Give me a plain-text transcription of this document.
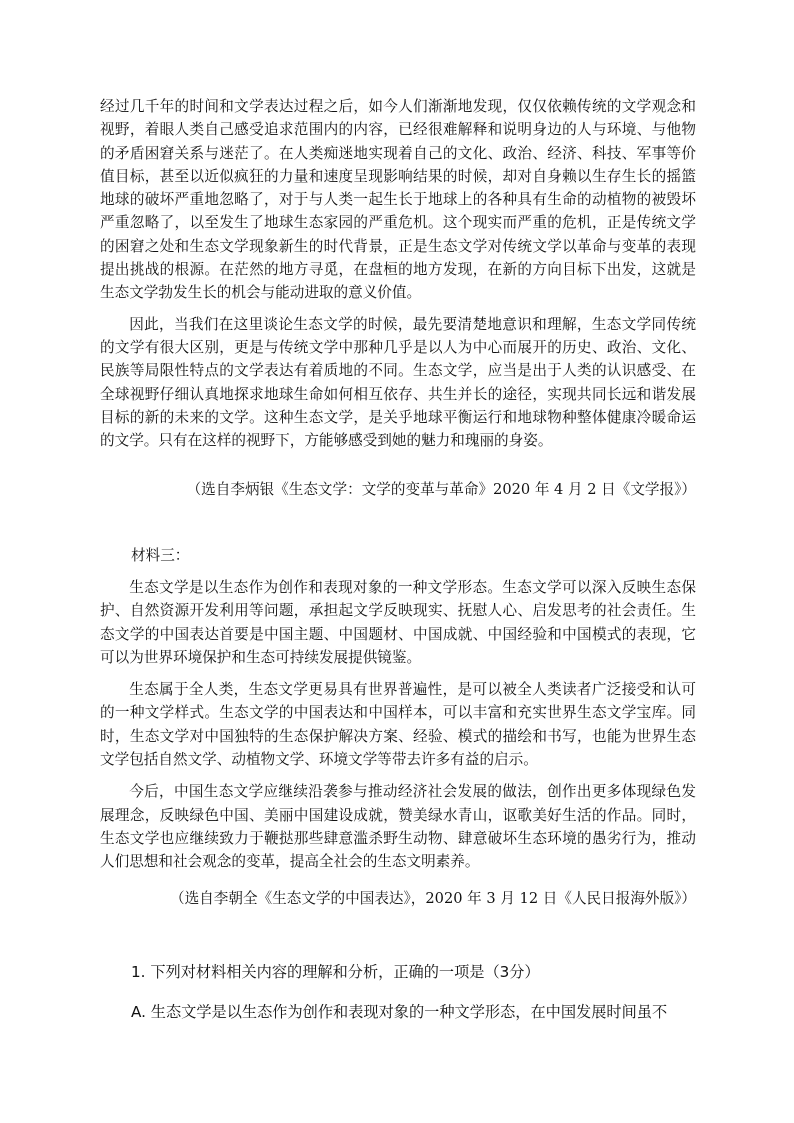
经过几千年的时间和文学表达过程之后，如今人们渐渐地发现，仅仅依赖传统的文学观念和视野，着眼人类自己感受追求范围内的内容，已经很难解释和说明身边的人与环境、与他物的矛盾困窘关系与迷茫了。在人类痴迷地实现着自己的文化、政治、经济、科技、军事等价值目标，甚至以近似疯狂的力量和速度呈现影响结果的时候，却对自身赖以生存生长的摇篮地球的破坏严重地忽略了，对于与人类一起生长于地球上的各种具有生命的动植物的被毁坏严重忽略了，以至发生了地球生态家园的严重危机。这个现实而严重的危机，正是传统文学的困窘之处和生态文学现象新生的时代背景，正是生态文学对传统文学以革命与变革的表现提出挑战的根源。在茫然的地方寻觅，在盘桓的地方发现，在新的方向目标下出发，这就是生态文学勃发生长的机会与能动进取的意义价值。

因此，当我们在这里谈论生态文学的时候，最先要清楚地意识和理解，生态文学同传统的文学有很大区别，更是与传统文学中那种几乎是以人为中心而展开的历史、政治、文化、民族等局限性特点的文学表达有着质地的不同。生态文学，应当是出于人类的认识感受、在全球视野仔细认真地探求地球生命如何相互依存、共生并长的途径，实现共同长远和谐发展目标的新的未来的文学。这种生态文学，是关乎地球平衡运行和地球物种整体健康冷暖命运的文学。只有在这样的视野下，方能够感受到她的魅力和瑰丽的身姿。

（选自李炳银《生态文学：文学的变革与革命》2020 年 4 月 2 日《文学报》）

材料三：

生态文学是以生态作为创作和表现对象的一种文学形态。生态文学可以深入反映生态保护、自然资源开发利用等问题，承担起文学反映现实、抚慰人心、启发思考的社会责任。生态文学的中国表达首要是中国主题、中国题材、中国成就、中国经验和中国模式的表现，它可以为世界环境保护和生态可持续发展提供镜鉴。

生态属于全人类，生态文学更易具有世界普遍性，是可以被全人类读者广泛接受和认可的一种文学样式。生态文学的中国表达和中国样本，可以丰富和充实世界生态文学宝库。同时，生态文学对中国独特的生态保护解决方案、经验、模式的描绘和书写，也能为世界生态文学包括自然文学、动植物文学、环境文学等带去许多有益的启示。

今后，中国生态文学应继续沿袭参与推动经济社会发展的做法，创作出更多体现绿色发展理念，反映绿色中国、美丽中国建设成就，赞美绿水青山，讴歌美好生活的作品。同时，生态文学也应继续致力于鞭挞那些肆意滥杀野生动物、肆意破坏生态环境的愚劣行为，推动人们思想和社会观念的变革，提高全社会的生态文明素养。

（选自李朝全《生态文学的中国表达》，2020 年 3 月 12 日《人民日报海外版》）

1. 下列对材料相关内容的理解和分析，正确的一项是（3分）

A. 生态文学是以生态作为创作和表现对象的一种文学形态，在中国发展时间虽不
